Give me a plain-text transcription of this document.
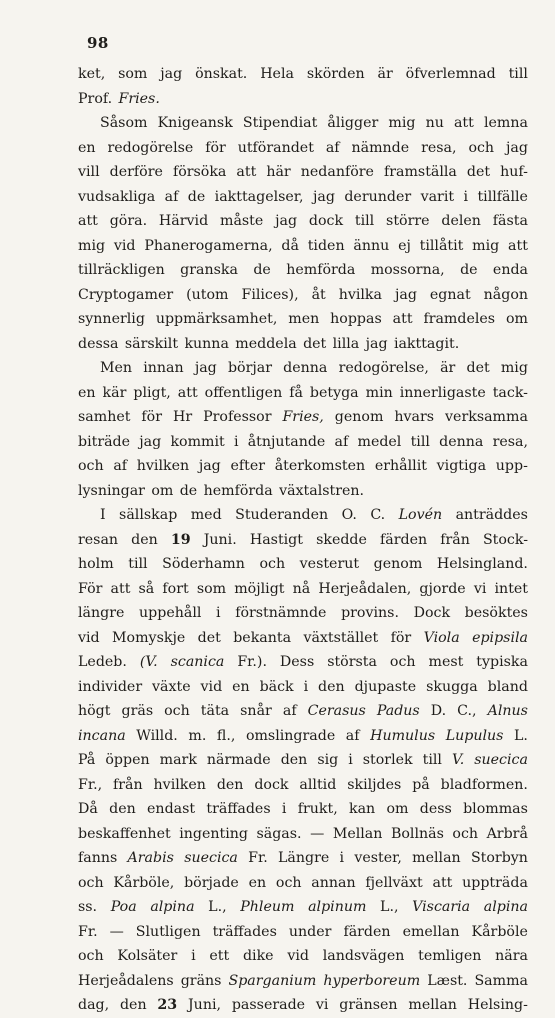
98
ket, som jag önskat. Hela skörden är öfverlemnad till
Prof. Fries.
Såsom Knigeansk Stipendiat åligger mig nu att lemna
en redogörelse för utförandet af nämnde resa, och jag
vill derföre försöka att här nedanföre framställa det huf-
vudsakliga af de iakttagelser, jag derunder varit i tillfälle
att göra. Härvid måste jag dock till större delen fästa
mig vid Phanerogamerna, då tiden ännu ej tillåtit mig att
tillräckligen granska de hemförda mossorna, de enda
Cryptogamer (utom Filices), åt hvilka jag egnat någon
synnerlig uppmärksamhet, men hoppas att framdeles om
dessa särskilt kunna meddela det lilla jag iakttagit.
Men innan jag börjar denna redogörelse, är det mig
en kär pligt, att offentligen få betyga min innerligaste tack-
samhet för Hr Professor Fries, genom hvars verksamma
biträde jag kommit i åtnjutande af medel till denna resa,
och af hvilken jag efter återkomsten erhållit vigtiga upp-
lysningar om de hemförda växtalstren.
I sällskap med Studeranden O. C. Lovén anträddes
resan den 19 Juni. Hastigt skedde färden från Stock-
holm till Söderhamn och vesterut genom Helsingland.
För att så fort som möjligt nå Herjeådalen, gjorde vi intet
längre uppehåll i förstnämnde provins. Dock besöktes
vid Momyskje det bekanta växtstället för Viola epipsila
Ledeb. (V. scanica Fr.). Dess största och mest typiska
individer växte vid en bäck i den djupaste skugga bland
högt gräs och täta snår af Cerasus Padus D. C., Alnus
incana Willd. m. fl., omslingrade af Humulus Lupulus L.
På öppen mark närmade den sig i storlek till V. suecica
Fr., från hvilken den dock alltid skiljdes på bladformen.
Då den endast träffades i frukt, kan om dess blommas
beskaffenhet ingenting sägas. — Mellan Bollnäs och Arbrå
fanns Arabis suecica Fr. Längre i vester, mellan Storbyn
och Kårböle, började en och annan fjellväxt att uppträda
ss. Poa alpina L., Phleum alpinum L., Viscaria alpina
Fr. — Slutligen träffades under färden emellan Kårböle
och Kolsäter i ett dike vid landsvägen temligen nära
Herjeådalens gräns Sparganium hyperboreum Læst. Samma
dag, den 23 Juni, passerade vi gränsen mellan Helsing-
